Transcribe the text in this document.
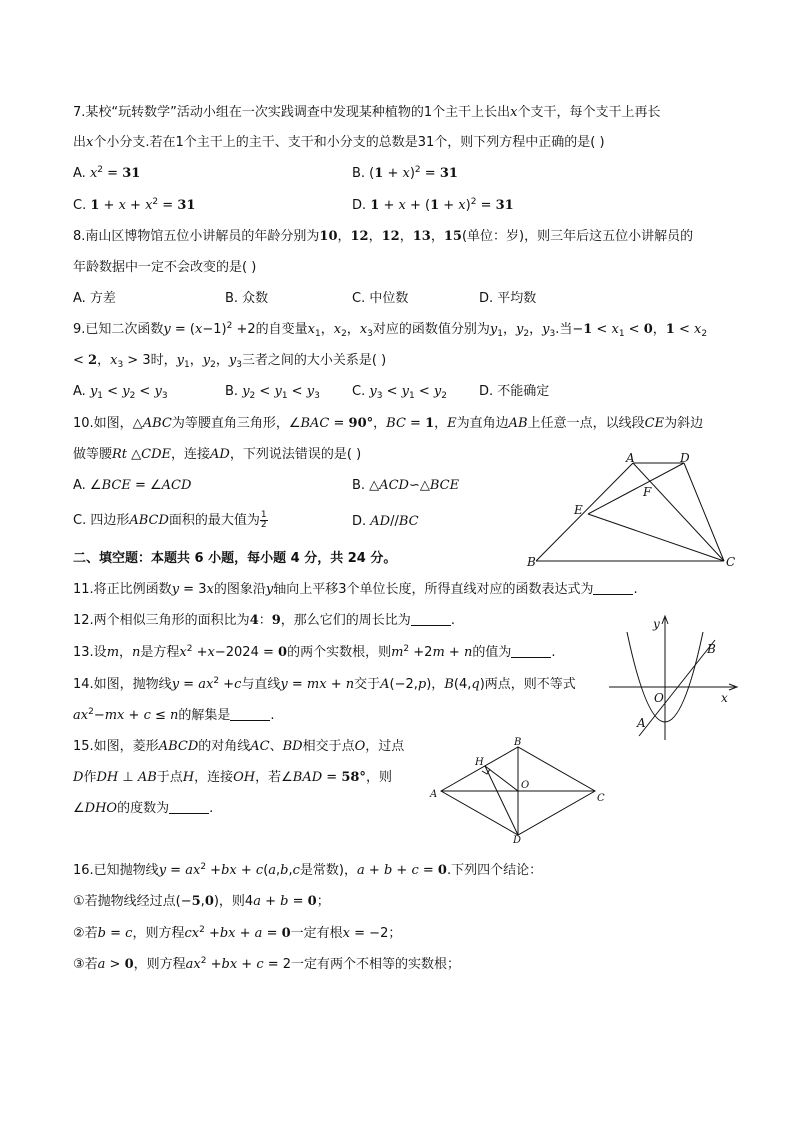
7.某校“玩转数学”活动小组在一次实践调查中发现某种植物的1个主干上长出x个支干，每个支干上再长
出x个小分支.若在1个主干上的主干、支干和小分支的总数是31个，则下列方程中正确的是( )
A. $x^2 = 31$	B. $(1 + x)^2 = 31$
C. $1 + x + x^2 = 31$	D. $1 + x + (1 + x)^2 = 31$
8.南山区博物馆五位小讲解员的年龄分别为10，12，12，13，15(单位：岁)，则三年后这五位小讲解员的
年龄数据中一定不会改变的是( )
A. 方差	B. 众数	C. 中位数	D. 平均数
9.已知二次函数$y = (x-1)^2 +2$的自变量$x_1$，$x_2$，$x_3$对应的函数值分别为$y_1$，$y_2$，$y_3$.当$-1 < x_1 < 0$，$1 < x_2$
< 2，$x_3 > 3$时，$y_1$，$y_2$，$y_3$三者之间的大小关系是( )
A. $y_1 < y_2 < y_3$	B. $y_2 < y_1 < y_3$ C. $y_3 < y_1 < y_2$ D. 不能确定
10.如图，△ABC为等腰直角三角形，∠BAC = 90°，BC = 1，E为直角边AB上任意一点，以线段CE为斜边
做等腰Rt △CDE，连接AD，下列说法错误的是( )
A. ∠BCE = ∠ACD	B. △ACD∽△BCE
C. 四边形ABCD面积的最大值为 $\frac{1}{2}$	D. AD//BC
A	D
F
E
B	C
二、填空题：本题共 6 小题，每小题 4 分，共 24 分。
11.将正比例函数y = 3x的图象沿y轴向上平移3个单位长度，所得直线对应的函数表达式为	.
12.两个相似三角形的面积比为4：9，那么它们的周长比为	.
13.设m，n是方程$x^2 +x-2024 = 0$的两个实数根，则$m^2 +2m + n$的值为	.
14.如图，抛物线$y = ax^2 +c$与直线y = mx + n交于A(−2,p)，B(4,q)两点，则不等式
$ax^2-mx + c \le n$的解集是	.
y
B
O	x
A
15.如图，菱形ABCD的对角线AC、BD相交于点O，过点
D作DH ⊥ AB于点H，连接OH，若∠BAD = 58°，则
∠DHO的度数为	.
H
B
O
A	C
D
16.已知抛物线$y = ax^2 +bx + c(a,b,c$是常数)，a + b + c = 0.下列四个结论：
①若抛物线经过点(−5,0)，则4a + b = 0；
②若b = c，则方程$cx^2 +bx + a = 0$一定有根x = −2；
③若a > 0，则方程$ax^2 +bx + c = 2$一定有两个不相等的实数根；
